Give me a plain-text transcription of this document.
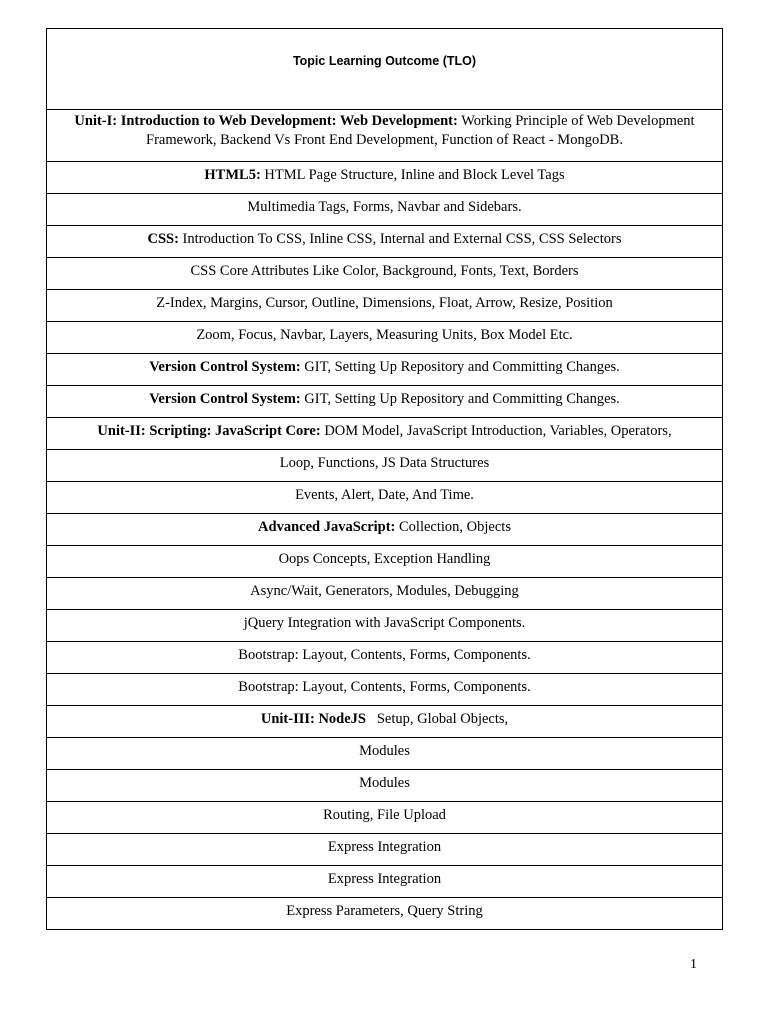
Topic Learning Outcome (TLO)
Unit-I: Introduction to Web Development: Web Development: Working Principle of Web Development Framework, Backend Vs Front End Development, Function of React - MongoDB.
HTML5: HTML Page Structure, Inline and Block Level Tags
Multimedia Tags, Forms, Navbar and Sidebars.
CSS: Introduction To CSS, Inline CSS, Internal and External CSS, CSS Selectors
CSS Core Attributes Like Color, Background, Fonts, Text, Borders
Z-Index, Margins, Cursor, Outline, Dimensions, Float, Arrow, Resize, Position
Zoom, Focus, Navbar, Layers, Measuring Units, Box Model Etc.
Version Control System: GIT, Setting Up Repository and Committing Changes.
Version Control System: GIT, Setting Up Repository and Committing Changes.
Unit-II: Scripting: JavaScript Core: DOM Model, JavaScript Introduction, Variables, Operators,
Loop, Functions, JS Data Structures
Events, Alert, Date, And Time.
Advanced JavaScript: Collection, Objects
Oops Concepts, Exception Handling
Async/Wait, Generators, Modules, Debugging
jQuery Integration with JavaScript Components.
Bootstrap: Layout, Contents, Forms, Components.
Bootstrap: Layout, Contents, Forms, Components.
Unit-III: NodeJS   Setup, Global Objects,
Modules
Modules
Routing, File Upload
Express Integration
Express Integration
Express Parameters, Query String
1
